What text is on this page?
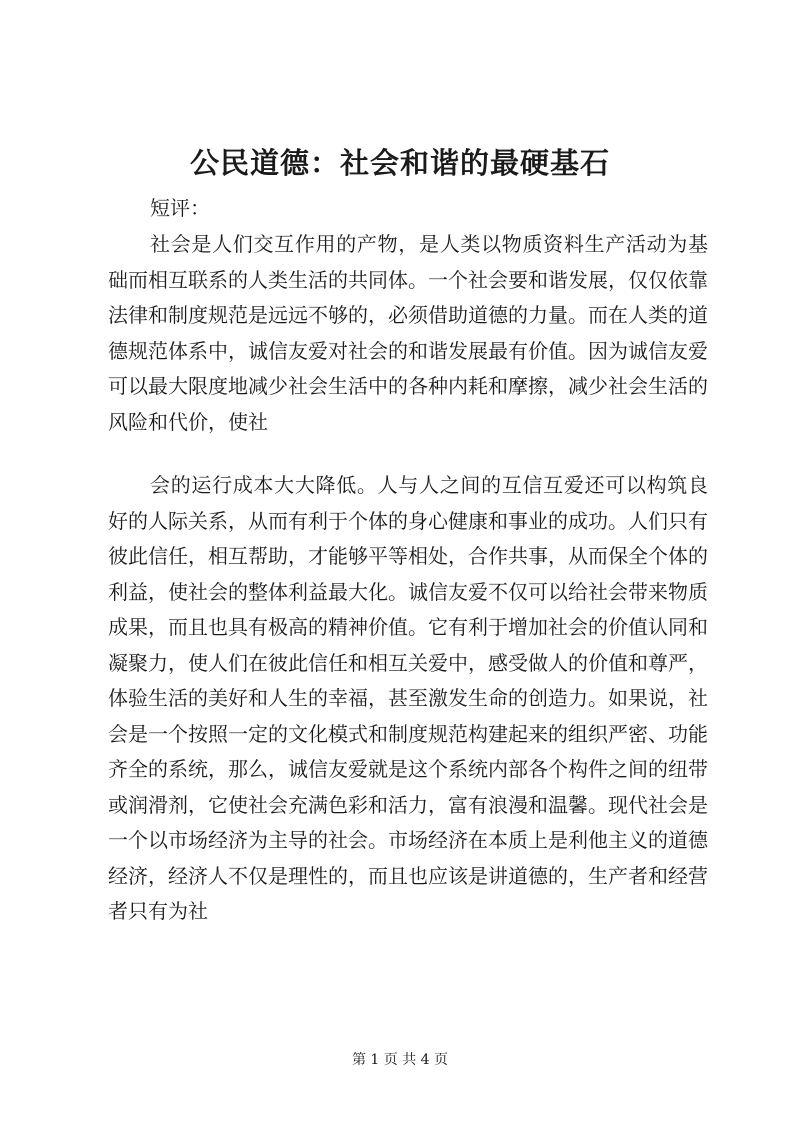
公民道德：社会和谐的最硬基石
短评：

社会是人们交互作用的产物，是人类以物质资料生产活动为基础而相互联系的人类生活的共同体。一个社会要和谐发展，仅仅依靠法律和制度规范是远远不够的，必须借助道德的力量。而在人类的道德规范体系中，诚信友爱对社会的和谐发展最有价值。因为诚信友爱可以最大限度地减少社会生活中的各种内耗和摩擦，减少社会生活的风险和代价，使社

会的运行成本大大降低。人与人之间的互信互爱还可以构筑良好的人际关系，从而有利于个体的身心健康和事业的成功。人们只有彼此信任，相互帮助，才能够平等相处，合作共事，从而保全个体的利益，使社会的整体利益最大化。诚信友爱不仅可以给社会带来物质成果，而且也具有极高的精神价值。它有利于增加社会的价值认同和凝聚力，使人们在彼此信任和相互关爱中，感受做人的价值和尊严，体验生活的美好和人生的幸福，甚至激发生命的创造力。如果说，社会是一个按照一定的文化模式和制度规范构建起来的组织严密、功能齐全的系统，那么，诚信友爱就是这个系统内部各个构件之间的纽带或润滑剂，它使社会充满色彩和活力，富有浪漫和温馨。现代社会是一个以市场经济为主导的社会。市场经济在本质上是利他主义的道德经济，经济人不仅是理性的，而且也应该是讲道德的，生产者和经营者只有为社

第 1 页 共 4 页
